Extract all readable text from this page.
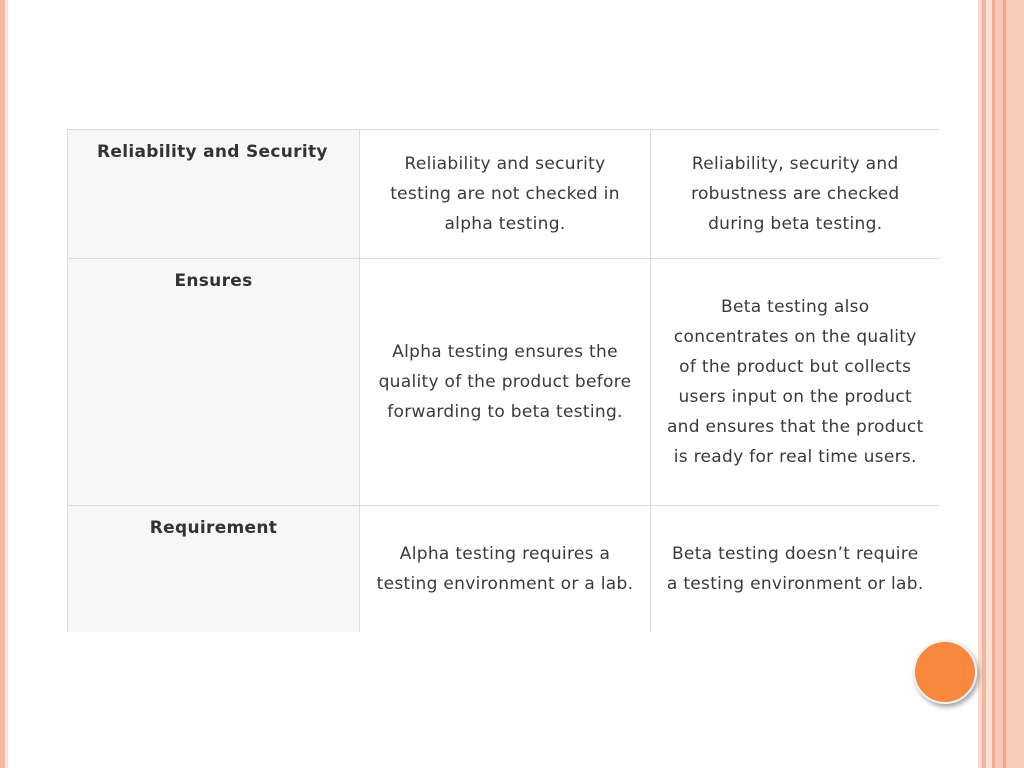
Reliability and Security	Reliability and security testing are not checked in alpha testing.	Reliability, security and robustness are checked during beta testing.
Ensures	Alpha testing ensures the quality of the product before forwarding to beta testing.	Beta testing also concentrates on the quality of the product but collects users input on the product and ensures that the product is ready for real time users.
Requirement	Alpha testing requires a testing environment or a lab.	Beta testing doesn’t require a testing environment or lab.
